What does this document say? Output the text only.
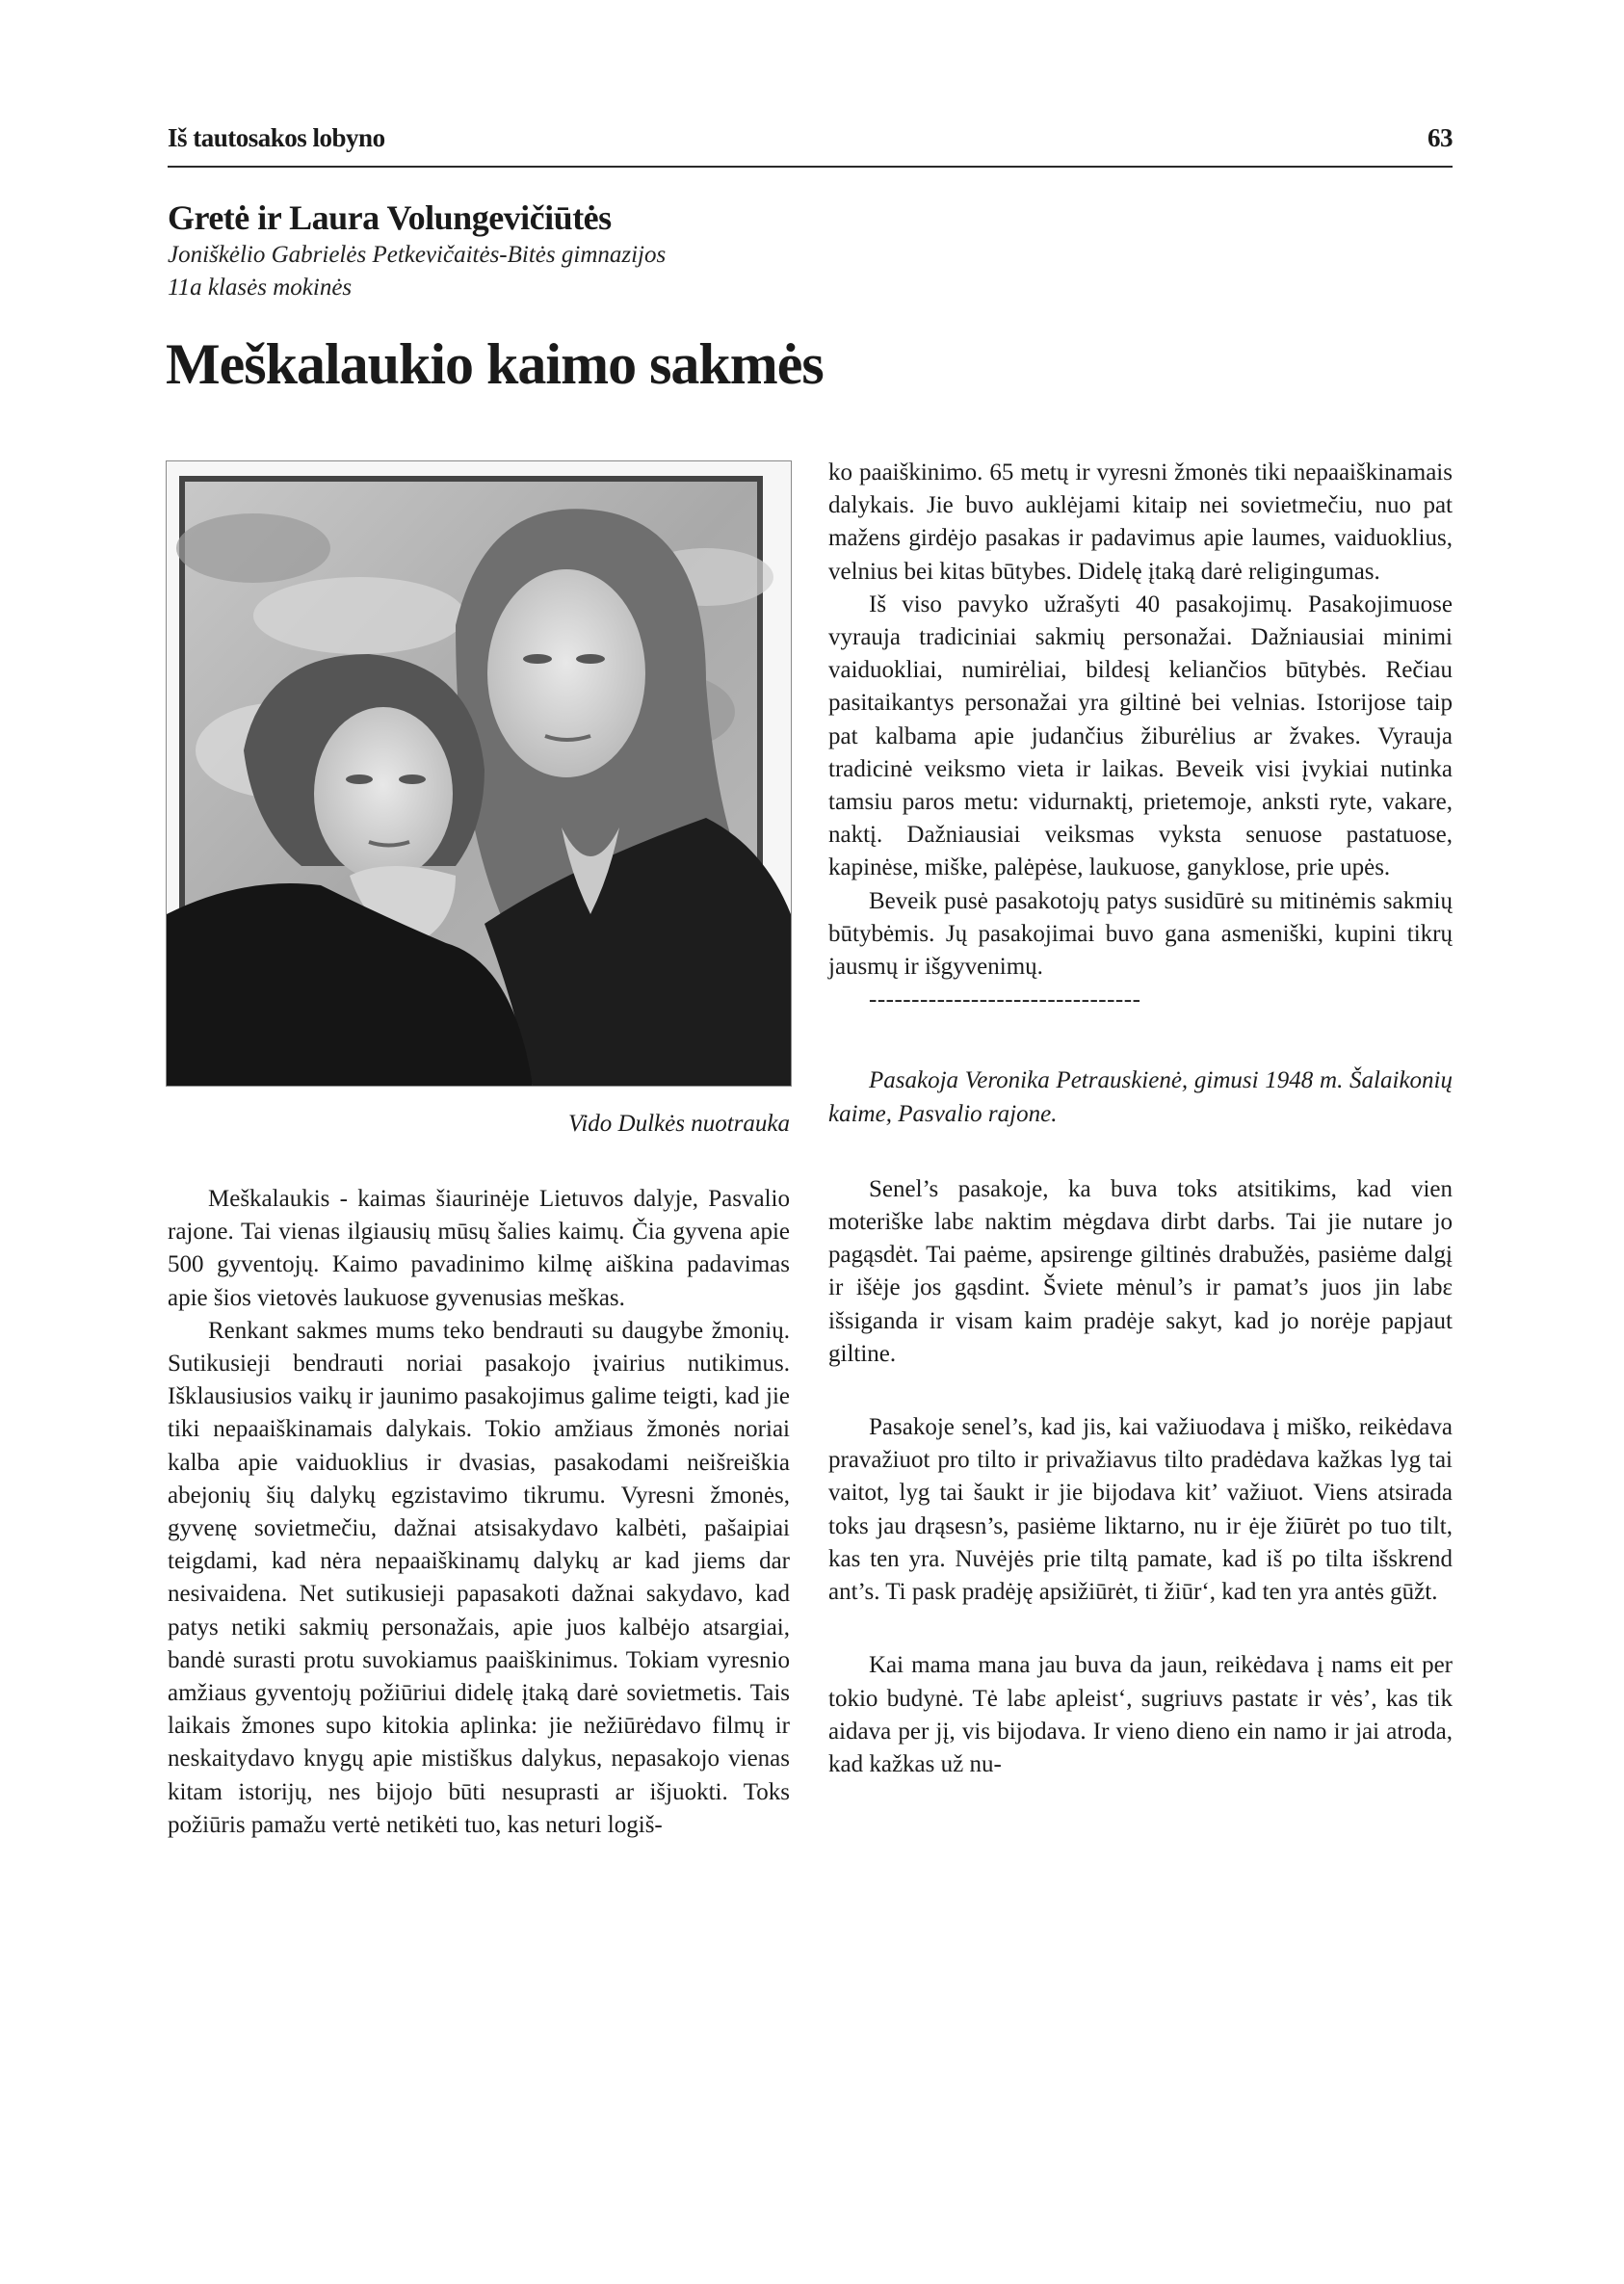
Iš tautosakos lobyno	63
Gretė ir Laura Volungevičiūtės
Joniškėlio Gabrielės Petkevičaitės-Bitės gimnazijos
11a klasės mokinės
Meškalaukio kaimo sakmės
Vido Dulkės nuotrauka

Meškalaukis - kaimas šiaurinėje Lietuvos dalyje, Pasvalio rajone. Tai vienas ilgiausių mūsų šalies kaimų. Čia gyvena apie 500 gyventojų. Kaimo pavadinimo kilmę aiškina padavimas apie šios vietovės laukuose gyvenusias meškas.

Renkant sakmes mums teko bendrauti su daugybe žmonių. Sutikusieji bendrauti noriai pasakojo įvairius nutikimus. Išklausiusios vaikų ir jaunimo pasakojimus galime teigti, kad jie tiki nepaaiškinamais dalykais. Tokio amžiaus žmonės noriai kalba apie vaiduoklius ir dvasias, pasakodami neišreiškia abejonių šių dalykų egzistavimo tikrumu. Vyresni žmonės, gyvenę sovietmečiu, dažnai atsisakydavo kalbėti, pašaipiai teigdami, kad nėra nepaaiškinamų dalykų ar kad jiems dar nesivaidena. Net sutikusieji papasakoti dažnai sakydavo, kad patys netiki sakmių personažais, apie juos kalbėjo atsargiai, bandė surasti protu suvokiamus paaiškinimus. Tokiam vyresnio amžiaus gyventojų požiūriui didelę įtaką darė sovietmetis. Tais laikais žmones supo kitokia aplinka: jie nežiūrėdavo filmų ir neskaitydavo knygų apie mistiškus dalykus, nepasakojo vienas kitam istorijų, nes bijojo būti nesuprasti ar išjuokti. Toks požiūris pamažu vertė netikėti tuo, kas neturi logiš-

ko paaiškinimo. 65 metų ir vyresni žmonės tiki nepaaiškinamais dalykais. Jie buvo auklėjami kitaip nei sovietmečiu, nuo pat mažens girdėjo pasakas ir padavimus apie laumes, vaiduoklius, velnius bei kitas būtybes. Didelę įtaką darė religingumas.

Iš viso pavyko užrašyti 40 pasakojimų. Pasakojimuose vyrauja tradiciniai sakmių personažai. Dažniausiai minimi vaiduokliai, numirėliai, bildesį keliančios būtybės. Rečiau pasitaikantys personažai yra giltinė bei velnias. Istorijose taip pat kalbama apie judančius žiburėlius ar žvakes. Vyrauja tradicinė veiksmo vieta ir laikas. Beveik visi įvykiai nutinka tamsiu paros metu: vidurnaktį, prietemoje, anksti ryte, vakare, naktį. Dažniausiai veiksmas vyksta senuose pastatuose, kapinėse, miške, palėpėse, laukuose, ganyklose, prie upės.

Beveik pusė pasakotojų patys susidūrė su mitinėmis sakmių būtybėmis. Jų pasakojimai buvo gana asmeniški, kupini tikrų jausmų ir išgyvenimų.

--------------------------------

Pasakoja Veronika Petrauskienė, gimusi 1948 m. Šalaikonių kaime, Pasvalio rajone.

Senel’s pasakoje, ka buva toks atsitikims, kad vien moteriške labɛ naktim mėgdava dirbt darbs. Tai jie nutare jo pagąsdėt. Tai paėme, apsirenge giltinės drabužės, pasiėme dalgį ir išėje jos gąsdint. Šviete mėnul’s ir pamat’s juos jin labɛ išsiganda ir visam kaim pradėje sakyt, kad jo norėje papjaut giltine.

Pasakoje senel’s, kad jis, kai važiuodava į miško, reikėdava pravažiuot pro tilto ir privažiavus tilto pradėdava kažkas lyg tai vaitot, lyg tai šaukt ir jie bijodava kit’ važiuot. Viens atsirada toks jau drąsesn’s, pasiėme liktarno, nu ir ėje žiūrėt po tuo tilt, kas ten yra. Nuvėjės prie tiltą pamate, kad iš po tilta išskrend ant’s. Ti pask pradėję apsižiūrėt, ti žiūr‘, kad ten yra antės gūžt.

Kai mama mana jau buva da jaun, reikėdava į nams eit per tokio budynė. Tė labɛ apleist‘, sugriuvs pastatɛ ir vės’, kas tik aidava per jį, vis bijodava. Ir vieno dieno ein namo ir jai atroda, kad kažkas už nu-
